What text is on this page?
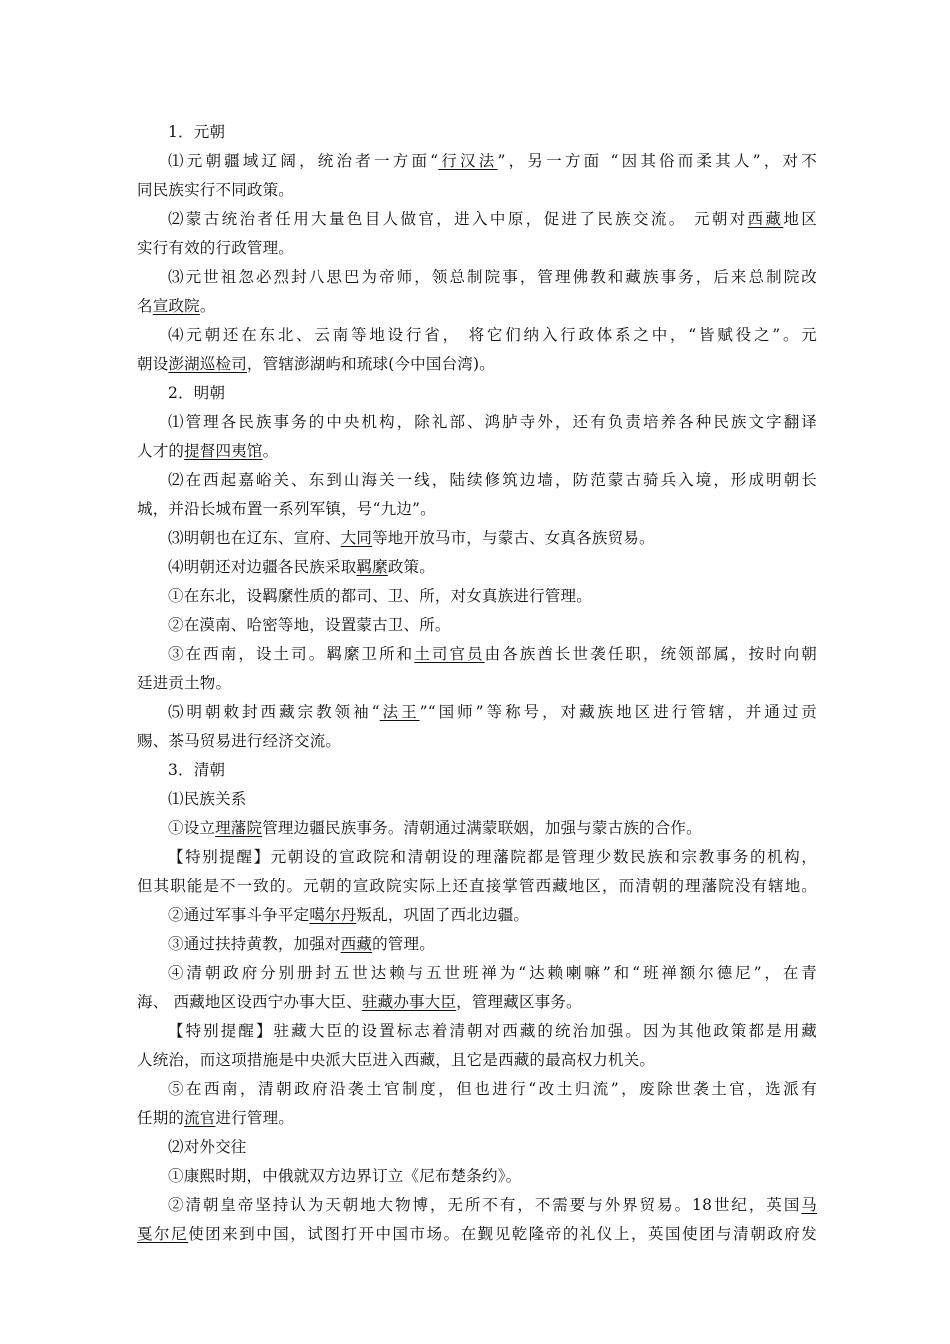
1．元朝
⑴元朝疆域辽阔，统治者一方面“行汉法”，另一方面 “因其俗而柔其人”，对不
同民族实行不同政策。
⑵蒙古统治者任用大量色目人做官，进入中原，促进了民族交流。 元朝对西藏地区
实行有效的行政管理。
⑶元世祖忽必烈封八思巴为帝师，领总制院事，管理佛教和藏族事务，后来总制院改
名宣政院。
⑷元朝还在东北、云南等地设行省， 将它们纳入行政体系之中，“皆赋役之”。元
朝设澎湖巡检司，管辖澎湖屿和琉球(今中国台湾)。
2．明朝
⑴管理各民族事务的中央机构，除礼部、鸿胪寺外，还有负责培养各种民族文字翻译
人才的提督四夷馆。
⑵在西起嘉峪关、东到山海关一线，陆续修筑边墙，防范蒙古骑兵入境，形成明朝长
城，并沿长城布置一系列军镇，号“九边”。
⑶明朝也在辽东、宣府、大同等地开放马市，与蒙古、女真各族贸易。
⑷明朝还对边疆各民族采取羁縻政策。
①在东北，设羁縻性质的都司、卫、所，对女真族进行管理。
②在漠南、哈密等地，设置蒙古卫、所。
③在西南，设土司。羁縻卫所和土司官员由各族酋长世袭任职，统领部属，按时向朝
廷进贡土物。
⑸明朝敕封西藏宗教领袖“法王”“国师”等称号，对藏族地区进行管辖，并通过贡
赐、茶马贸易进行经济交流。
3．清朝
⑴民族关系
①设立理藩院管理边疆民族事务。清朝通过满蒙联姻，加强与蒙古族的合作。
【特别提醒】元朝设的宣政院和清朝设的理藩院都是管理少数民族和宗教事务的机构，
但其职能是不一致的。元朝的宣政院实际上还直接掌管西藏地区，而清朝的理藩院没有辖地。
②通过军事斗争平定噶尔丹叛乱，巩固了西北边疆。
③通过扶持黄教，加强对西藏的管理。
④清朝政府分别册封五世达赖与五世班禅为“达赖喇嘛”和“班禅额尔德尼”，在青
海、 西藏地区设西宁办事大臣、驻藏办事大臣，管理藏区事务。
【特别提醒】驻藏大臣的设置标志着清朝对西藏的统治加强。因为其他政策都是用藏
人统治，而这项措施是中央派大臣进入西藏，且它是西藏的最高权力机关。
⑤在西南，清朝政府沿袭土官制度，但也进行“改土归流”，废除世袭土官，选派有
任期的流官进行管理。
⑵对外交往
①康熙时期，中俄就双方边界订立《尼布楚条约》。
②清朝皇帝坚持认为天朝地大物博，无所不有，不需要与外界贸易。18世纪，英国马
戛尔尼使团来到中国，试图打开中国市场。在觐见乾隆帝的礼仪上，英国使团与清朝政府发
